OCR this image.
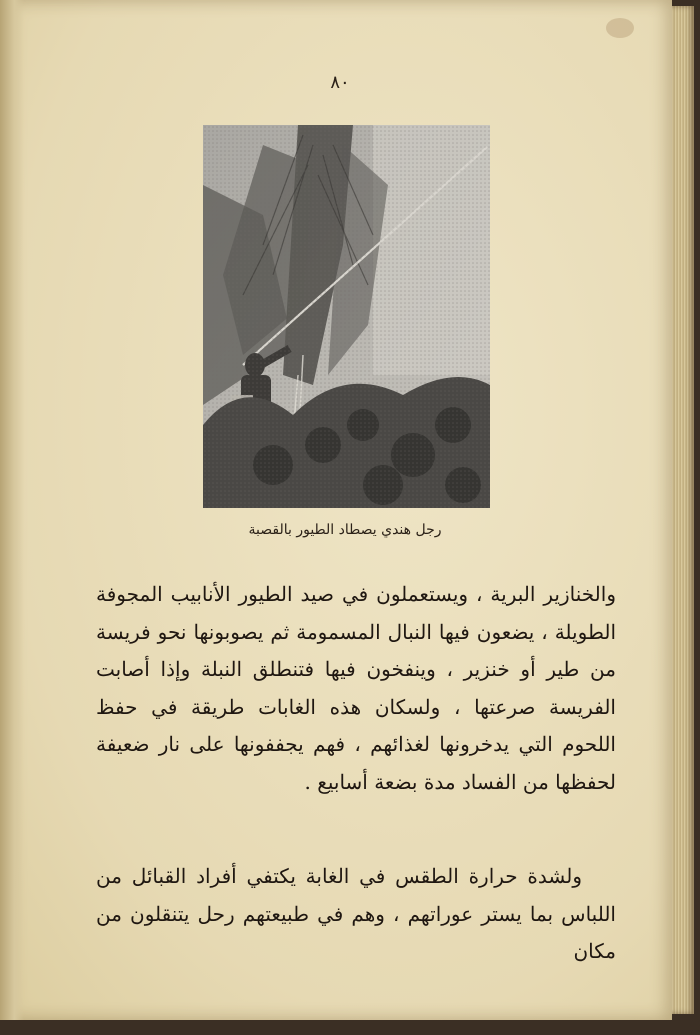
٨٠
رجل هندي يصطاد الطيور بالقصبة
والخنازير البرية ، ويستعملون في صيد الطيور الأنابيب المجوفة الطويلة ، يضعون فيها النبال المسمومة ثم يصوبونها نحو فريسة من طير أو خنزير ، وينفخون فيها فتنطلق النبلة وإذا أصابت الفريسة صرعتها ، ولسكان هذه الغابات طريقة في حفظ اللحوم التي يدخرونها لغذائهم ، فهم يجففونها على نار ضعيفة لحفظها من الفساد مدة بضعة أسابيع .
ولشدة حرارة الطقس في الغابة يكتفي أفراد القبائل من اللباس بما يستر عوراتهم ، وهم في طبيعتهم رحل يتنقلون من مكان
